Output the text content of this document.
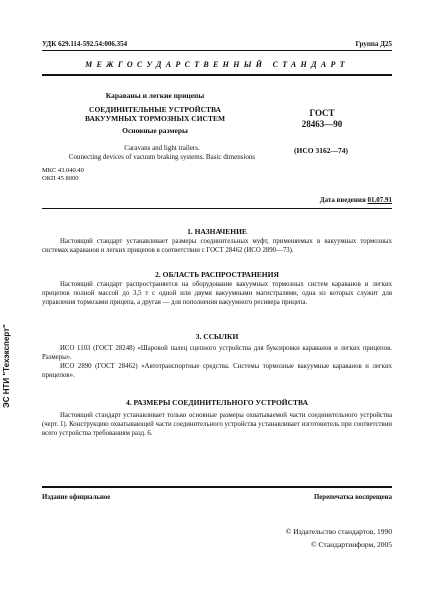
УДК 629.114-592.54:006.354	Группа Д25
МЕЖГОСУДАРСТВЕННЫЙ СТАНДАРТ
Караваны и легкие прицепы
СОЕДИНИТЕЛЬНЫЕ УСТРОЙСТВА
ВАКУУМНЫХ ТОРМОЗНЫХ СИСТЕМ
Основные размеры
ГОСТ
28463—90
(ИСО 3162—74)
Caravans and light trailers.
Connecting devices of vacuum braking systems. Basic dimensions
МКС 43.040.40
ОКП 45 8000
Дата введения 01.07.91
1. НАЗНАЧЕНИЕ
Настоящий стандарт устанавливает размеры соединительных муфт, применяемых в вакуумных тормозных системах караванов и легких прицепов в соответствии с ГОСТ 28462 (ИСО 2890—73).
2. ОБЛАСТЬ РАСПРОСТРАНЕНИЯ
Настоящий стандарт распространяется на оборудование вакуумных тормозных систем караванов и легких прицепов полной массой до 3,5 т с одной или двумя вакуумными магистралями, одна из которых служит для управления тормозами прицепа, а другая — для пополнения вакуумного ресивера прицепа.
3. ССЫЛКИ
ИСО 1103 (ГОСТ 28248) «Шаровой палец сцепного устройства для буксировки караванов и легких прицепов. Размеры».
ИСО 2890 (ГОСТ 28462) «Автотранспортные средства. Системы тормозные вакуумные караванов и легких прицепов».
4. РАЗМЕРЫ СОЕДИНИТЕЛЬНОГО УСТРОЙСТВА
Настоящий стандарт устанавливает только основные размеры охватываемой части соединительного устройства (черт. 1). Конструкцию охватывающей части соединительного устройства устанавливает изготовитель при соответствии всего устройства требованиям разд. 6.
Издание официальное	Перепечатка воспрещена
© Издательство стандартов, 1990
© Стандартинформ, 2005
ЭС НТИ "Техэксперт"
